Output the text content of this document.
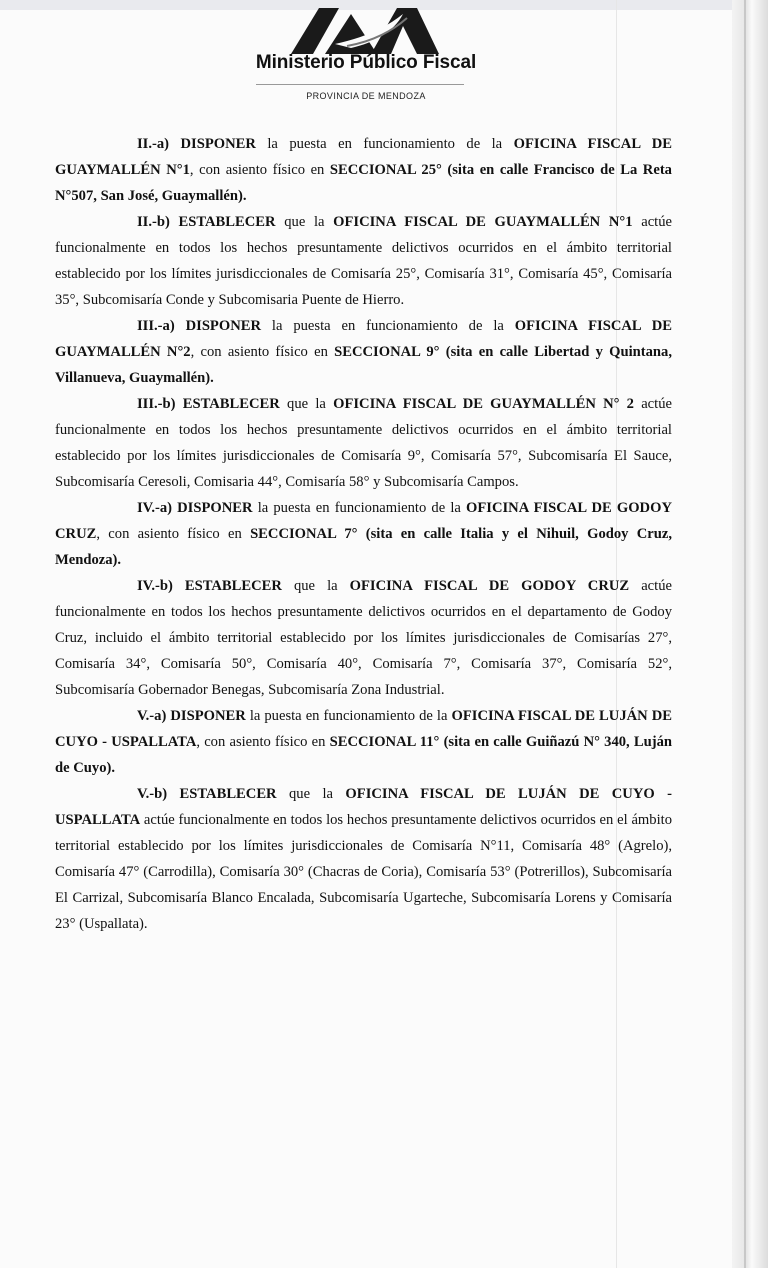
Ministerio Público Fiscal
PROVINCIA DE MENDOZA

II.-a) DISPONER la puesta en funcionamiento de la OFICINA FISCAL DE GUAYMALLÉN N°1, con asiento físico en SECCIONAL 25° (sita en calle Francisco de La Reta N°507, San José, Guaymallén).

II.-b) ESTABLECER que la OFICINA FISCAL DE GUAYMALLÉN N°1 actúe funcionalmente en todos los hechos presuntamente delictivos ocurridos en el ámbito territorial establecido por los límites jurisdiccionales de Comisaría 25°, Comisaría 31°, Comisaría 45°, Comisaría 35°, Subcomisaría Conde y Subcomisaria Puente de Hierro.

III.-a) DISPONER la puesta en funcionamiento de la OFICINA FISCAL DE GUAYMALLÉN N°2, con asiento físico en SECCIONAL 9° (sita en calle Libertad y Quintana, Villanueva, Guaymallén).

III.-b) ESTABLECER que la OFICINA FISCAL DE GUAYMALLÉN N° 2 actúe funcionalmente en todos los hechos presuntamente delictivos ocurridos en el ámbito territorial establecido por los límites jurisdiccionales de Comisaría 9°, Comisaría 57°, Subcomisaría El Sauce, Subcomisaría Ceresoli, Comisaria 44°, Comisaría 58° y Subcomisaría Campos.

IV.-a) DISPONER la puesta en funcionamiento de la OFICINA FISCAL DE GODOY CRUZ, con asiento físico en SECCIONAL 7° (sita en calle Italia y el Nihuil, Godoy Cruz, Mendoza).

IV.-b) ESTABLECER que la OFICINA FISCAL DE GODOY CRUZ actúe funcionalmente en todos los hechos presuntamente delictivos ocurridos en el departamento de Godoy Cruz, incluido el ámbito territorial establecido por los límites jurisdiccionales de Comisarías 27°, Comisaría 34°, Comisaría 50°, Comisaría 40°, Comisaría 7°, Comisaría 37°, Comisaría 52°, Subcomisaría Gobernador Benegas, Subcomisaría Zona Industrial.

V.-a) DISPONER la puesta en funcionamiento de la OFICINA FISCAL DE LUJÁN DE CUYO - USPALLATA, con asiento físico en SECCIONAL 11° (sita en calle Guiñazú N° 340, Luján de Cuyo).

V.-b) ESTABLECER que la OFICINA FISCAL DE LUJÁN DE CUYO - USPALLATA actúe funcionalmente en todos los hechos presuntamente delictivos ocurridos en el ámbito territorial establecido por los límites jurisdiccionales de Comisaría N°11, Comisaría 48° (Agrelo), Comisaría 47° (Carrodilla), Comisaría 30° (Chacras de Coria), Comisaría 53° (Potrerillos), Subcomisaría El Carrizal, Subcomisaría Blanco Encalada, Subcomisaría Ugarteche, Subcomisaría Lorens y Comisaría 23° (Uspallata).
